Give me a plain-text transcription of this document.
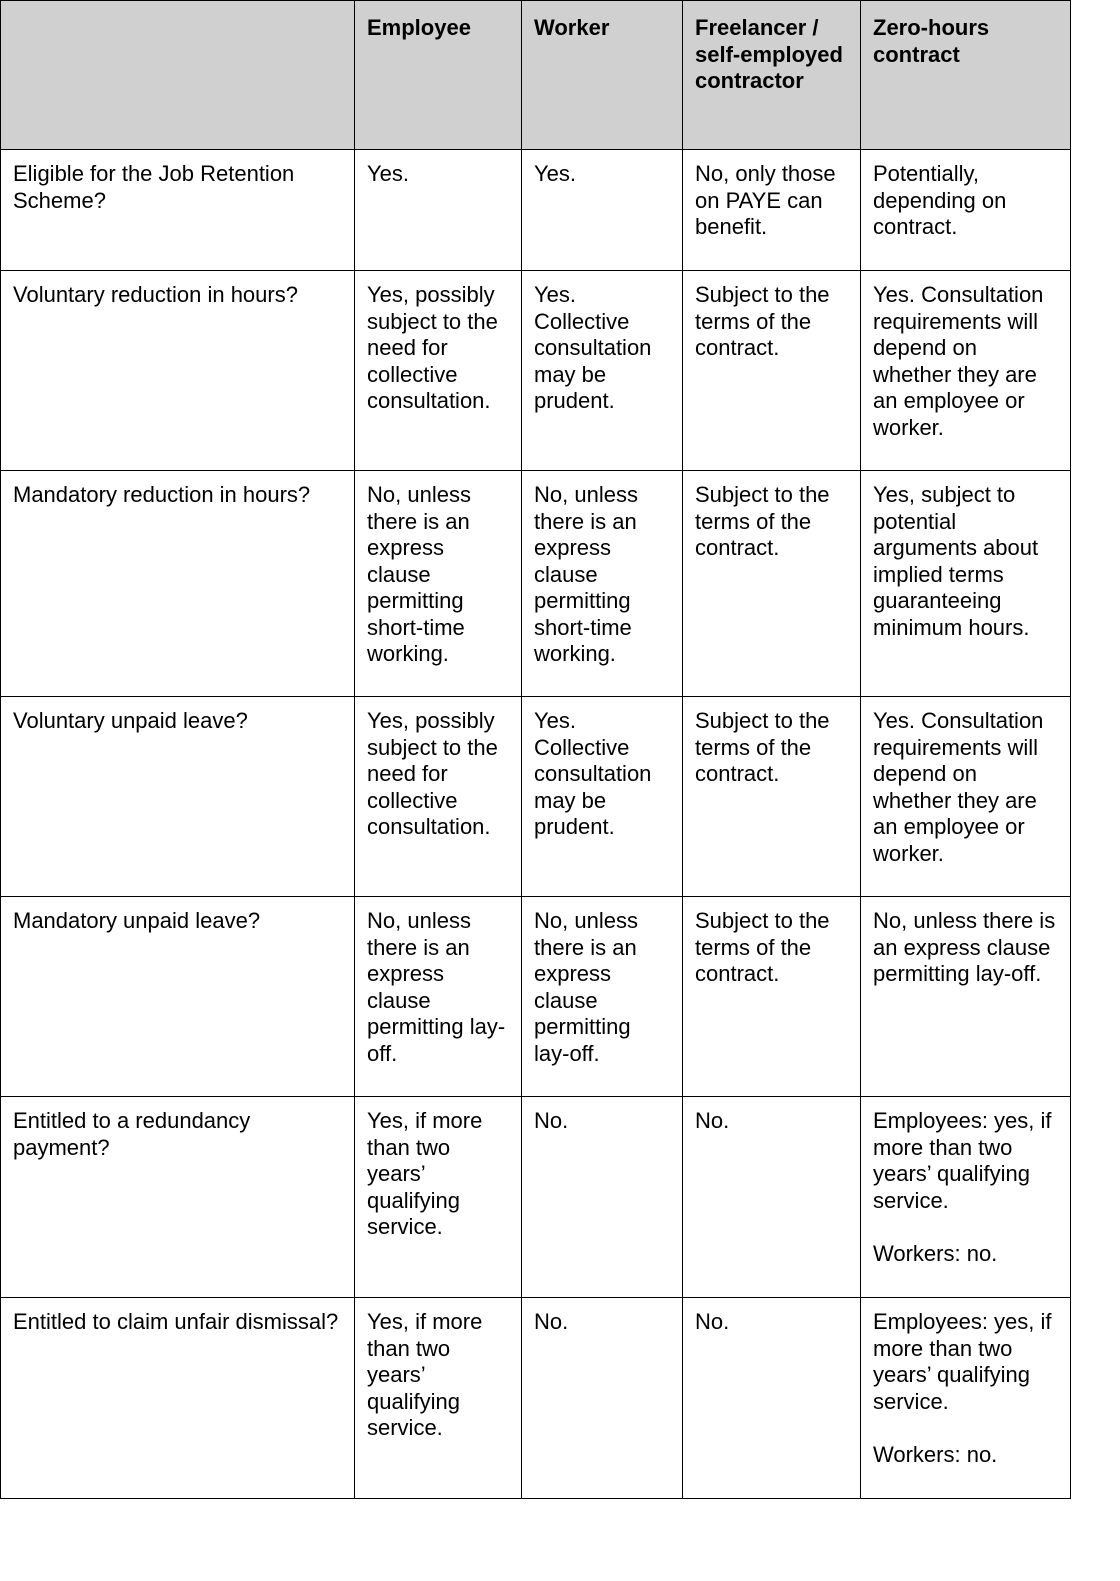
	Employee	Worker	Freelancer / self-employed contractor	Zero-hours contract
Eligible for the Job Retention Scheme?	Yes.	Yes.	No, only those on PAYE can benefit.	Potentially, depending on contract.
Voluntary reduction in hours?	Yes, possibly subject to the need for collective consultation.	Yes. Collective consultation may be prudent.	Subject to the terms of the contract.	Yes. Consultation requirements will depend on whether they are an employee or worker.
Mandatory reduction in hours?	No, unless there is an express clause permitting short-time working.	No, unless there is an express clause permitting short-time working.	Subject to the terms of the contract.	Yes, subject to potential arguments about implied terms guaranteeing minimum hours.
Voluntary unpaid leave?	Yes, possibly subject to the need for collective consultation.	Yes. Collective consultation may be prudent.	Subject to the terms of the contract.	Yes. Consultation requirements will depend on whether they are an employee or worker.
Mandatory unpaid leave?	No, unless there is an express clause permitting lay-off.	No, unless there is an express clause permitting lay-off.	Subject to the terms of the contract.	No, unless there is an express clause permitting lay-off.
Entitled to a redundancy payment?	Yes, if more than two years’ qualifying service.	No.	No.	Employees: yes, if more than two years’ qualifying service.

Workers: no.
Entitled to claim unfair dismissal?	Yes, if more than two years’ qualifying service.	No.	No.	Employees: yes, if more than two years’ qualifying service.

Workers: no.
